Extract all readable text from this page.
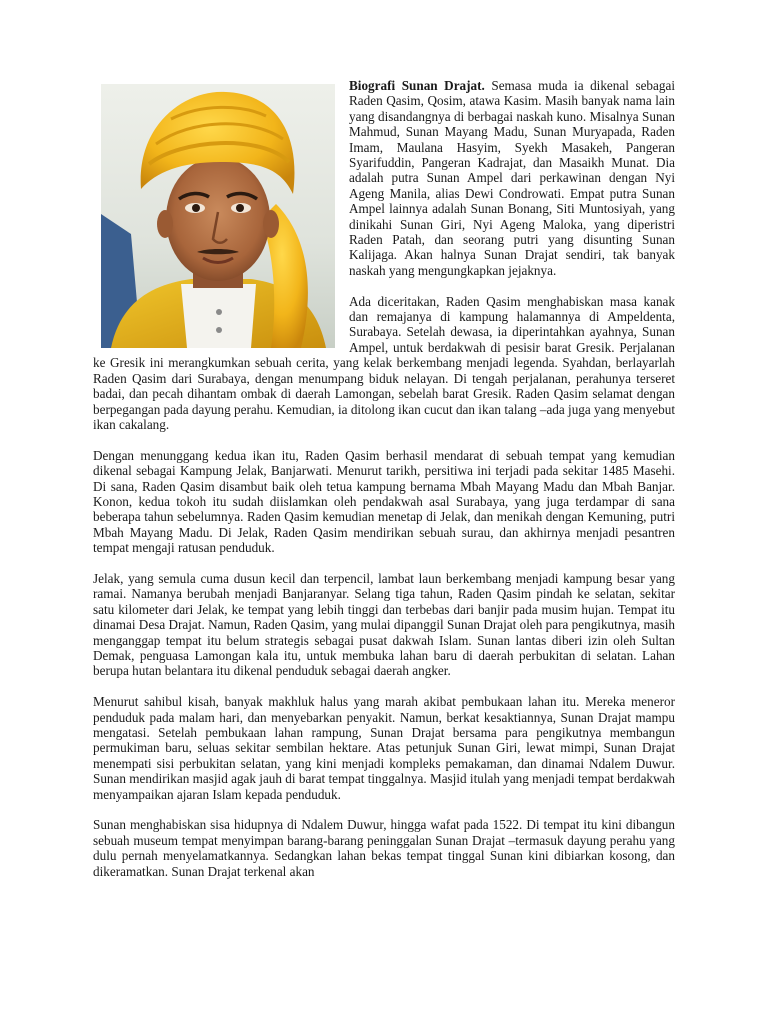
Biografi Sunan Drajat. Semasa muda ia dikenal sebagai Raden Qasim, Qosim, atawa Kasim. Masih banyak nama lain yang disandangnya di berbagai naskah kuno. Misalnya Sunan Mahmud, Sunan Mayang Madu, Sunan Muryapada, Raden Imam, Maulana Hasyim, Syekh Masakeh, Pangeran Syarifuddin, Pangeran Kadrajat, dan Masaikh Munat. Dia adalah putra Sunan Ampel dari perkawinan dengan Nyi Ageng Manila, alias Dewi Condrowati. Empat putra Sunan Ampel lainnya adalah Sunan Bonang, Siti Muntosiyah, yang dinikahi Sunan Giri, Nyi Ageng Maloka, yang diperistri Raden Patah, dan seorang putri yang disunting Sunan Kalijaga. Akan halnya Sunan Drajat sendiri, tak banyak naskah yang mengungkapkan jejaknya.

Ada diceritakan, Raden Qasim menghabiskan masa kanak dan remajanya di kampung halamannya di Ampeldenta, Surabaya. Setelah dewasa, ia diperintahkan ayahnya, Sunan Ampel, untuk berdakwah di pesisir barat Gresik. Perjalanan ke Gresik ini merangkumkan sebuah cerita, yang kelak berkembang menjadi legenda. Syahdan, berlayarlah Raden Qasim dari Surabaya, dengan menumpang biduk nelayan. Di tengah perjalanan, perahunya terseret badai, dan pecah dihantam ombak di daerah Lamongan, sebelah barat Gresik. Raden Qasim selamat dengan berpegangan pada dayung perahu. Kemudian, ia ditolong ikan cucut dan ikan talang –ada juga yang menyebut ikan cakalang.

Dengan menunggang kedua ikan itu, Raden Qasim berhasil mendarat di sebuah tempat yang kemudian dikenal sebagai Kampung Jelak, Banjarwati. Menurut tarikh, persitiwa ini terjadi pada sekitar 1485 Masehi. Di sana, Raden Qasim disambut baik oleh tetua kampung bernama Mbah Mayang Madu dan Mbah Banjar. Konon, kedua tokoh itu sudah diislamkan oleh pendakwah asal Surabaya, yang juga terdampar di sana beberapa tahun sebelumnya. Raden Qasim kemudian menetap di Jelak, dan menikah dengan Kemuning, putri Mbah Mayang Madu. Di Jelak, Raden Qasim mendirikan sebuah surau, dan akhirnya menjadi pesantren tempat mengaji ratusan penduduk.

Jelak, yang semula cuma dusun kecil dan terpencil, lambat laun berkembang menjadi kampung besar yang ramai. Namanya berubah menjadi Banjaranyar. Selang tiga tahun, Raden Qasim pindah ke selatan, sekitar satu kilometer dari Jelak, ke tempat yang lebih tinggi dan terbebas dari banjir pada musim hujan. Tempat itu dinamai Desa Drajat. Namun, Raden Qasim, yang mulai dipanggil Sunan Drajat oleh para pengikutnya, masih menganggap tempat itu belum strategis sebagai pusat dakwah Islam. Sunan lantas diberi izin oleh Sultan Demak, penguasa Lamongan kala itu, untuk membuka lahan baru di daerah perbukitan di selatan. Lahan berupa hutan belantara itu dikenal penduduk sebagai daerah angker.

Menurut sahibul kisah, banyak makhluk halus yang marah akibat pembukaan lahan itu. Mereka meneror penduduk pada malam hari, dan menyebarkan penyakit. Namun, berkat kesaktiannya, Sunan Drajat mampu mengatasi. Setelah pembukaan lahan rampung, Sunan Drajat bersama para pengikutnya membangun permukiman baru, seluas sekitar sembilan hektare. Atas petunjuk Sunan Giri, lewat mimpi, Sunan Drajat menempati sisi perbukitan selatan, yang kini menjadi kompleks pemakaman, dan dinamai Ndalem Duwur. Sunan mendirikan masjid agak jauh di barat tempat tinggalnya. Masjid itulah yang menjadi tempat berdakwah menyampaikan ajaran Islam kepada penduduk.

Sunan menghabiskan sisa hidupnya di Ndalem Duwur, hingga wafat pada 1522. Di tempat itu kini dibangun sebuah museum tempat menyimpan barang-barang peninggalan Sunan Drajat –termasuk dayung perahu yang dulu pernah menyelamatkannya. Sedangkan lahan bekas tempat tinggal Sunan kini dibiarkan kosong, dan dikeramatkan. Sunan Drajat terkenal akan
